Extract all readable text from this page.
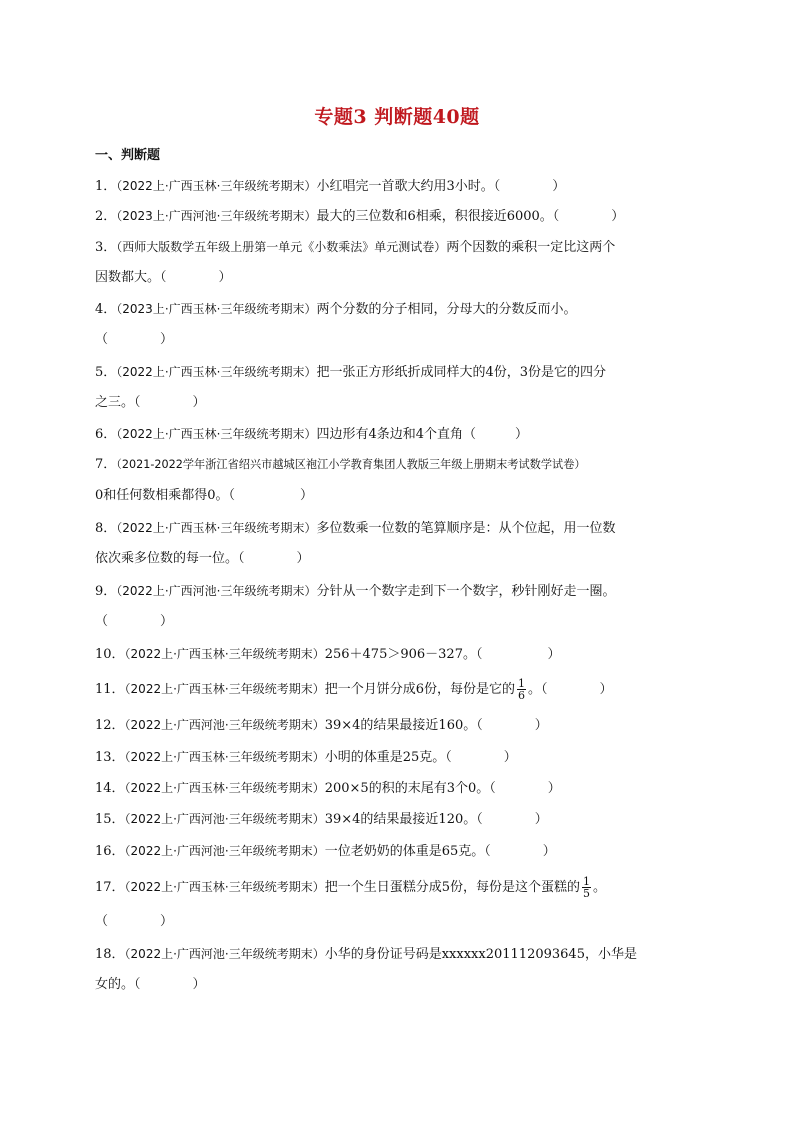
专题3 判断题40题
一、判断题
1．（2022上·广西玉林·三年级统考期末）小红唱完一首歌大约用3小时。（　　　　）
2．（2023上·广西河池·三年级统考期末）最大的三位数和6相乘，积很接近6000。（　　　　）
3．（西师大版数学五年级上册第一单元《小数乘法》单元测试卷）两个因数的乘积一定比这两个
因数都大。（　　　　）
4．（2023上·广西玉林·三年级统考期末）两个分数的分子相同，分母大的分数反而小。
（　　　　）
5．（2022上·广西玉林·三年级统考期末）把一张正方形纸折成同样大的4份，3份是它的四分
之三。（　　　　）
6．（2022上·广西玉林·三年级统考期末）四边形有4条边和4个直角（　　　）
7．（2021-2022学年浙江省绍兴市越城区袍江小学教育集团人教版三年级上册期末考试数学试卷）
0和任何数相乘都得0。（　　　　　）
8．（2022上·广西玉林·三年级统考期末）多位数乘一位数的笔算顺序是：从个位起，用一位数
依次乘多位数的每一位。（　　　　）
9．（2022上·广西河池·三年级统考期末）分针从一个数字走到下一个数字，秒针刚好走一圈。
（　　　　）
10．（2022上·广西玉林·三年级统考期末）256＋475＞906－327。（　　　　　）
11．（2022上·广西玉林·三年级统考期末）把一个月饼分成6份，每份是它的 $\frac{1}{6}$ 。（　　　　）
12．（2022上·广西河池·三年级统考期末）39×4的结果最接近160。（　　　　）
13．（2022上·广西玉林·三年级统考期末）小明的体重是25克。（　　　　）
14．（2022上·广西玉林·三年级统考期末）200×5的积的末尾有3个0。（　　　　）
15．（2022上·广西河池·三年级统考期末）39×4的结果最接近120。（　　　　）
16．（2022上·广西河池·三年级统考期末）一位老奶奶的体重是65克。（　　　　）
17．（2022上·广西玉林·三年级统考期末）把一个生日蛋糕分成5份，每份是这个蛋糕的 $\frac{1}{5}$ 。
（　　　　）
18．（2022上·广西河池·三年级统考期末）小华的身份证号码是xxxxxx201112093645，小华是
女的。（　　　　）
